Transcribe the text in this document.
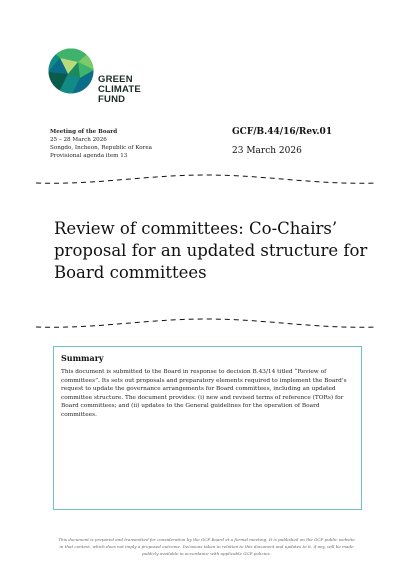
GREEN
CLIMATE
FUND
Meeting of the Board
25 – 28 March 2026
Songdo, Incheon, Republic of Korea
Provisional agenda item 13
GCF/B.44/16/Rev.01
23 March 2026
Review of committees: Co-Chairs’ proposal for an updated structure for Board committees
Summary

This document is submitted to the Board in response to decision B.43/14 titled “Review of committees”. Its sets out proposals and preparatory elements required to implement the Board’s request to update the governance arrangements for Board committees, including an updated committee structure. The document provides: (i) new and revised terms of reference (TORs) for Board committees; and (ii) updates to the General guidelines for the operation of Board committees.

This document is prepared and transmitted for consideration by the GCF Board at a formal meeting. It is published on the GCF public website in that context, which does not imply a proposed outcome. Decisions taken in relation to this document and updates to it, if any, will be made publicly available in accordance with applicable GCF policies.
